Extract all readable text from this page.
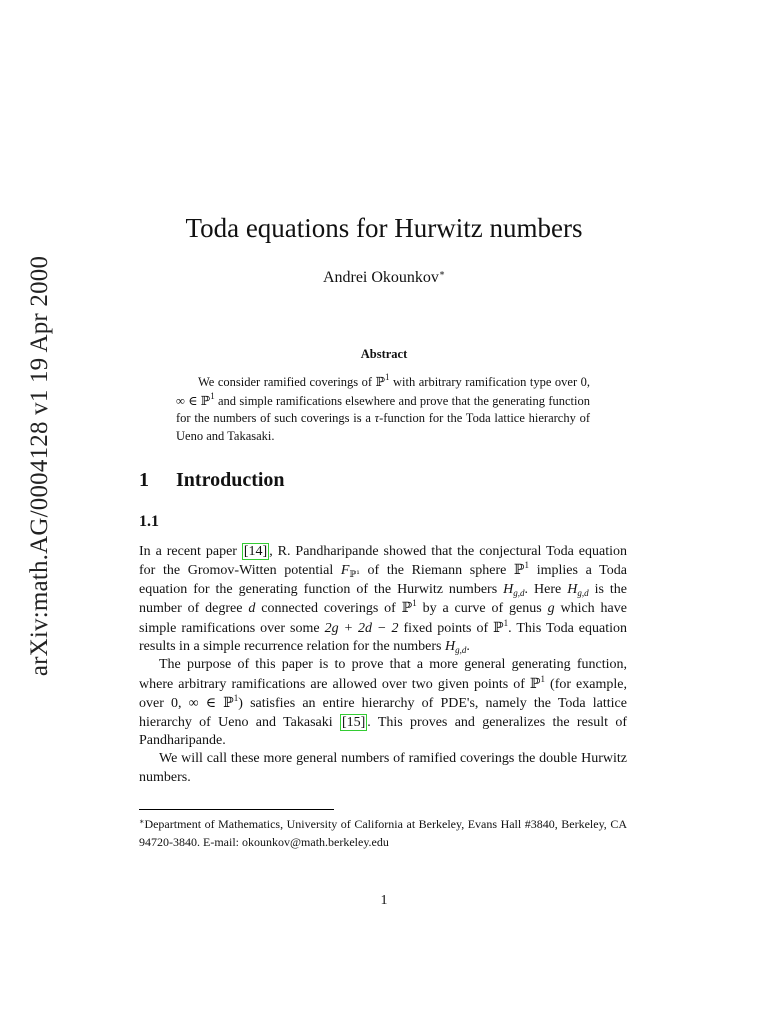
arXiv:math.AG/0004128 v1 19 Apr 2000
Toda equations for Hurwitz numbers
Andrei Okounkov∗
Abstract
We consider ramified coverings of ℙ$^1$ with arbitrary ramification type over 0, ∞ ∈ ℙ$^1$ and simple ramifications elsewhere and prove that the generating function for the numbers of such coverings is a τ-function for the Toda lattice hierarchy of Ueno and Takasaki.
1 Introduction
1.1

In a recent paper [14] , R. Pandharipande showed that the conjectural Toda equation for the Gromov-Witten potential $F_{ℙ^1}$ of the Riemann sphere ℙ$^1$ implies a Toda equation for the generating function of the Hurwitz numbers $H_{g,d}$. Here $H_{g,d}$ is the number of degree d connected coverings of ℙ$^1$ by a curve of genus g which have simple ramifications over some 2g + 2d − 2 fixed points of ℙ$^1$. This Toda equation results in a simple recurrence relation for the numbers $H_{g,d}$.

The purpose of this paper is to prove that a more general generating function, where arbitrary ramifications are allowed over two given points of ℙ$^1$ (for example, over 0, ∞ ∈ ℙ$^1$) satisfies an entire hierarchy of PDE's, namely the Toda lattice hierarchy of Ueno and Takasaki [15] . This proves and generalizes the result of Pandharipande.

We will call these more general numbers of ramified coverings the double Hurwitz numbers.

∗Department of Mathematics, University of California at Berkeley, Evans Hall #3840, Berkeley, CA 94720-3840. E-mail: okounkov@math.berkeley.edu
1
